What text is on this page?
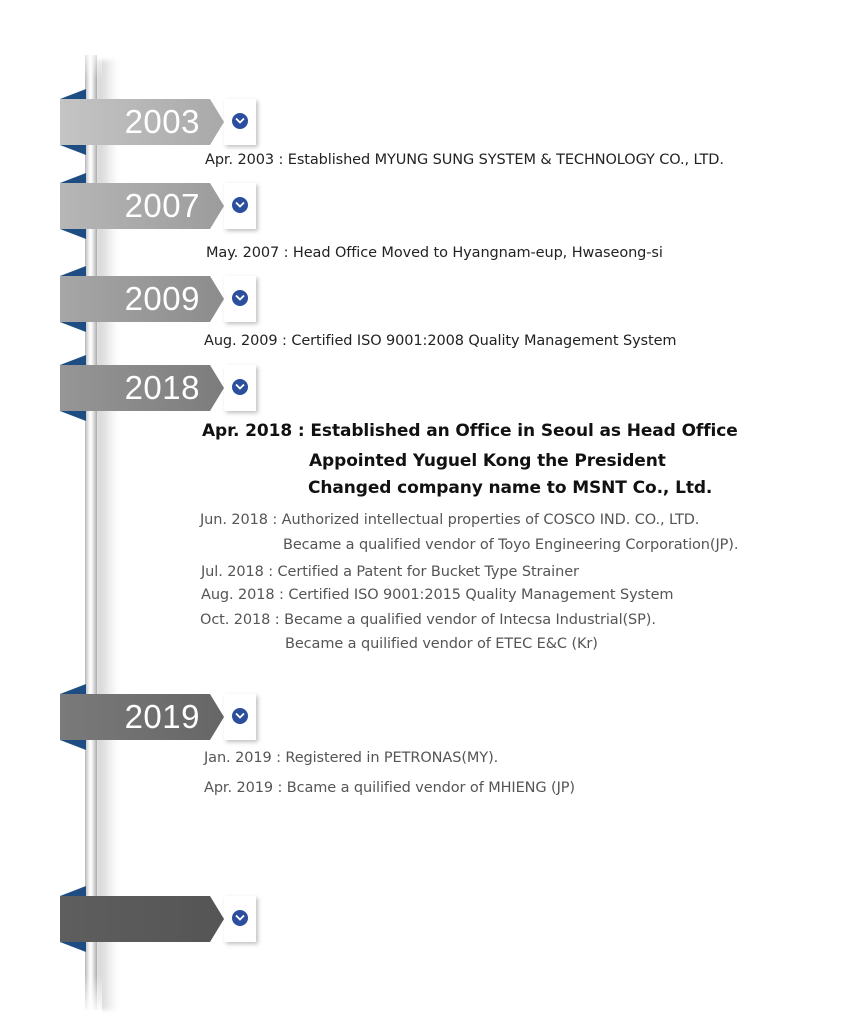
2003
Apr. 2003 : Established MYUNG SUNG SYSTEM & TECHNOLOGY CO., LTD.
2007
May. 2007 : Head Office Moved to Hyangnam-eup, Hwaseong-si
2009
Aug. 2009 : Certified ISO 9001:2008 Quality Management System
2018
Apr. 2018 : Established an Office in Seoul as Head Office
Appointed Yuguel Kong the President
Changed company name to MSNT Co., Ltd.
Jun. 2018 : Authorized intellectual properties of COSCO IND. CO., LTD.
Became a qualified vendor of Toyo Engineering Corporation(JP).
Jul. 2018 : Certified a Patent for Bucket Type Strainer
Aug. 2018 : Certified ISO 9001:2015 Quality Management System
Oct. 2018 : Became a qualified vendor of Intecsa Industrial(SP).
Became a quilified vendor of ETEC E&C (Kr)
2019
Jan. 2019 : Registered in PETRONAS(MY).
Apr. 2019 : Bcame a quilified vendor of MHIENG (JP)
